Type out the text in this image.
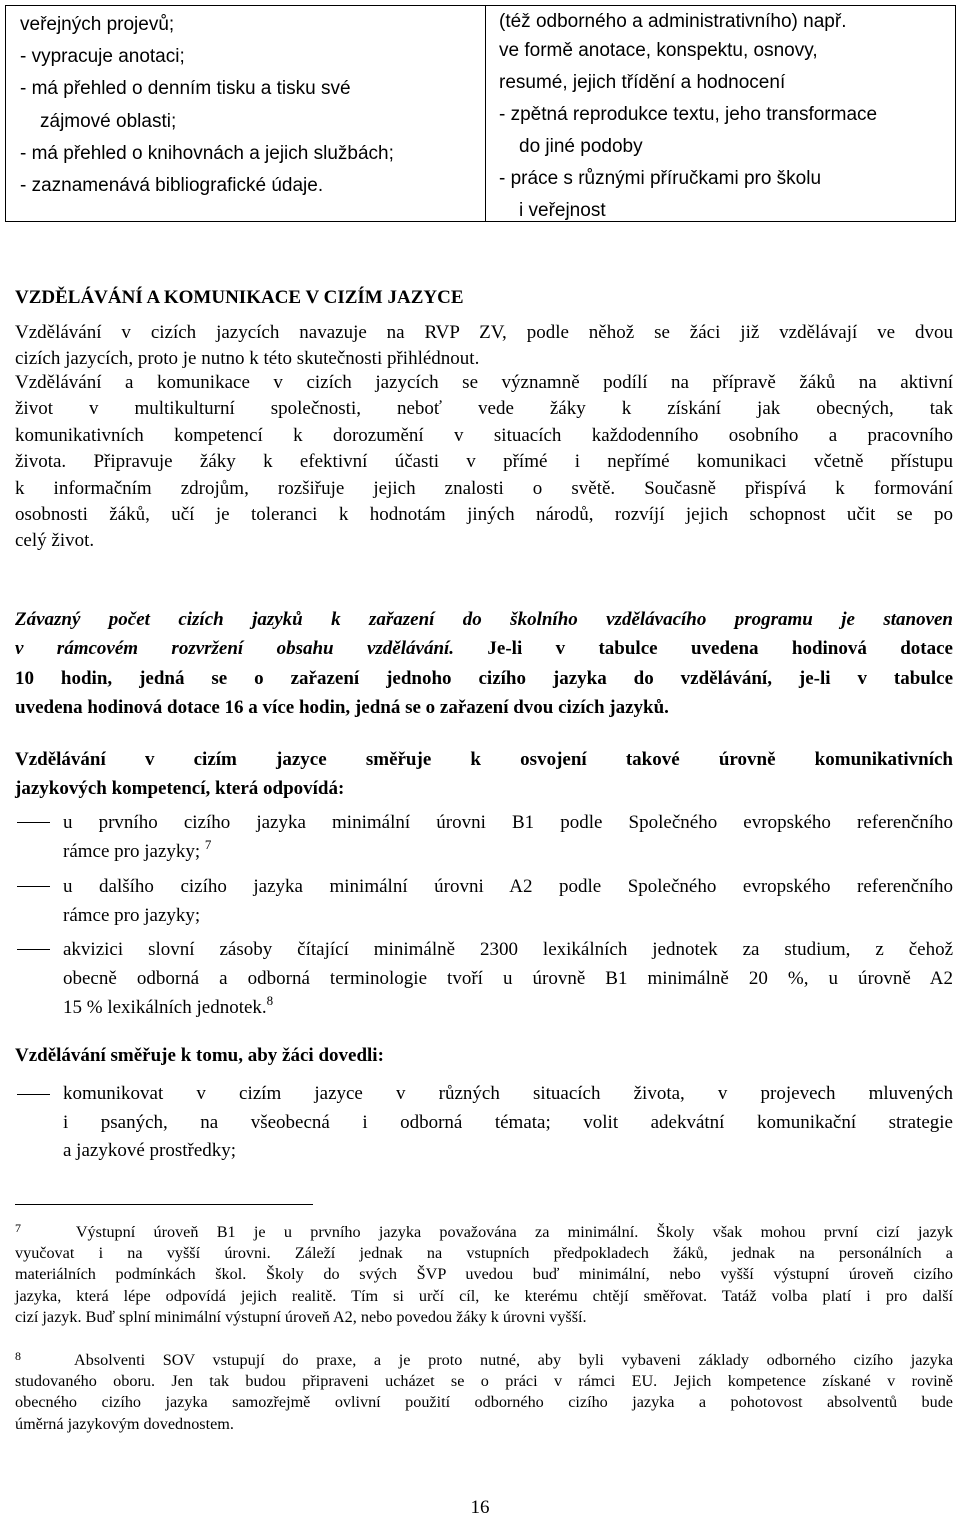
veřejných projevů;
- vypracuje anotaci;
- má přehled o denním tisku a tisku své
zájmové oblasti;
- má přehled o knihovnách a jejich službách;
- zaznamenává bibliografické údaje.
(též odborného a administrativního) např.
ve formě anotace, konspektu, osnovy,
resumé, jejich třídění a hodnocení
- zpětná reprodukce textu, jeho transformace
do jiné podoby
- práce s různými příručkami pro školu
i veřejnost
VZDĚLÁVÁNÍ A KOMUNIKACE V CIZÍM JAZYCE
Vzdělávání v cizích jazycích navazuje na RVP ZV, podle něhož se žáci již vzdělávají ve dvou
cizích jazycích, proto je nutno k této skutečnosti přihlédnout.
Vzdělávání a komunikace v cizích jazycích se významně podílí na přípravě žáků na aktivní
život v multikulturní společnosti, neboť vede žáky k získání jak obecných, tak
komunikativních kompetencí k dorozumění v situacích každodenního osobního a pracovního
života. Připravuje žáky k efektivní účasti v přímé i nepřímé komunikaci včetně přístupu
k informačním zdrojům, rozšiřuje jejich znalosti o světě. Současně přispívá k formování
osobnosti žáků, učí je toleranci k hodnotám jiných národů, rozvíjí jejich schopnost učit se po
celý život.
Závazný počet cizích jazyků k zařazení do školního vzdělávacího programu je stanoven
v rámcovém rozvržení obsahu vzdělávání. Je-li v tabulce uvedena hodinová dotace
10 hodin, jedná se o zařazení jednoho cizího jazyka do vzdělávání, je-li v tabulce
uvedena hodinová dotace 16 a více hodin, jedná se o zařazení dvou cizích jazyků.
Vzdělávání v cizím jazyce směřuje k osvojení takové úrovně komunikativních
jazykových kompetencí, která odpovídá:
u prvního cizího jazyka minimální úrovni B1 podle Společného evropského referenčního
rámce pro jazyky; $^7$
u dalšího cizího jazyka minimální úrovni A2 podle Společného evropského referenčního
rámce pro jazyky;
akvizici slovní zásoby čítající minimálně 2300 lexikálních jednotek za studium, z čehož
obecně odborná a odborná terminologie tvoří u úrovně B1 minimálně 20 %, u úrovně A2
15 % lexikálních jednotek.$^8$
Vzdělávání směřuje k tomu, aby žáci dovedli:
komunikovat v cizím jazyce v různých situacích života, v projevech mluvených
i psaných, na všeobecná i odborná témata; volit adekvátní komunikační strategie
a jazykové prostředky;
$^7$	Výstupní úroveň B1 je u prvního jazyka považována za minimální. Školy však mohou první cizí jazyk
vyučovat i na vyšší úrovni. Záleží jednak na vstupních předpokladech žáků, jednak na personálních a
materiálních podmínkách škol. Školy do svých ŠVP uvedou buď minimální, nebo vyšší výstupní úroveň cizího
jazyka, která lépe odpovídá jejich realitě. Tím si určí cíl, ke kterému chtějí směřovat. Tatáž volba platí i pro další
cizí jazyk. Buď splní minimální výstupní úroveň A2, nebo povedou žáky k úrovni vyšší.
$^8$	Absolventi SOV vstupují do praxe, a je proto nutné, aby byli vybaveni základy odborného cizího jazyka
studovaného oboru. Jen tak budou připraveni ucházet se o práci v rámci EU. Jejich kompetence získané v rovině
obecného cizího jazyka samozřejmě ovlivní použití odborného cizího jazyka a pohotovost absolventů bude
úměrná jazykovým dovednostem.
16
